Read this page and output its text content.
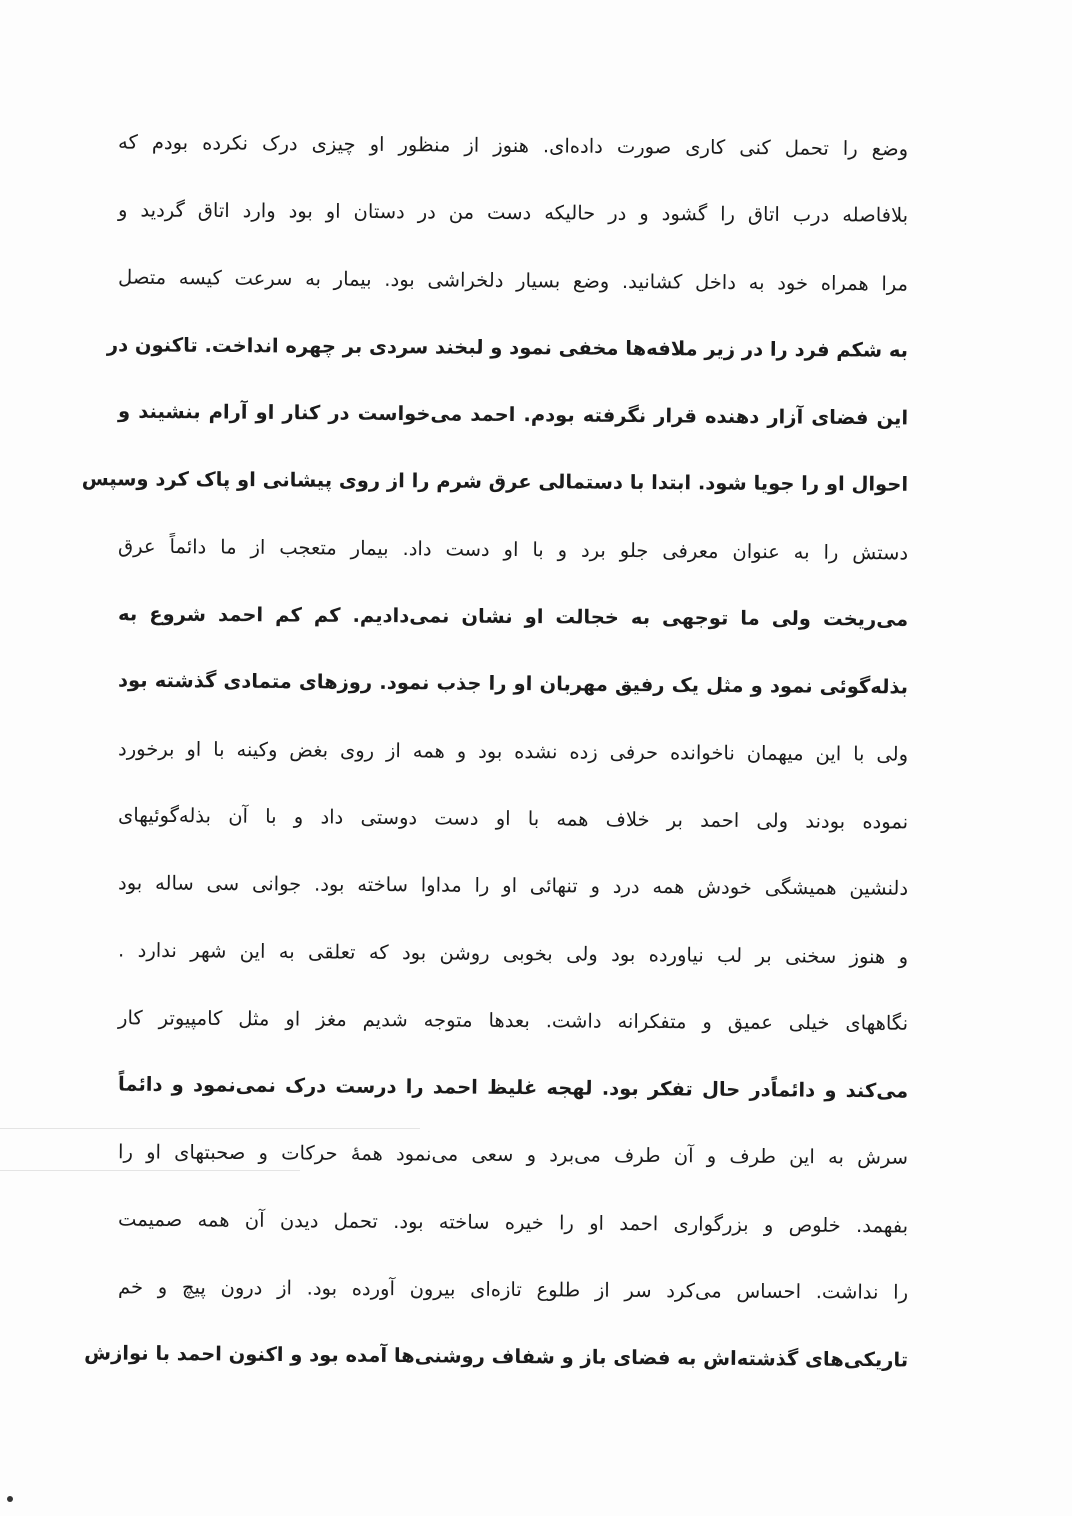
وضع را تحمل کنی کاری صورت داده‌ای. هنوز از منظور او چیزی درک نکرده بودم که
بلافاصله درب اتاق را گشود و در حالیکه دست من در دستان او بود وارد اتاق گردید و
مرا همراه خود به داخل کشانید. وضع بسیار دلخراشی بود. بیمار به سرعت کیسه متصل
به شکم فرد را در زیر ملافه‌ها مخفی نمود و لبخند سردی بر چهره انداخت. تاکنون در
این فضای آزار دهنده قرار نگرفته بودم. احمد می‌خواست در کنار او آرام بنشیند و
احوال او را جویا شود. ابتدا با دستمالی عرق شرم را از روی پیشانی او پاک کرد وسپس
دستش را به عنوان معرفی جلو برد و با او دست داد. بیمار متعجب از ما دائماً عرق
می‌ریخت ولی ما توجهی به خجالت او نشان نمی‌دادیم. کم کم احمد شروع به
بذله‌گوئی نمود و مثل یک رفیق مهربان او را جذب نمود. روزهای متمادی گذشته بود
ولی با این میهمان ناخوانده حرفی زده نشده بود و همه از روی بغض وکینه با او برخورد
نموده بودند ولی احمد بر خلاف همه با او دست دوستی داد و با آن بذله‌گوئیهای
دلنشین همیشگی خودش همه درد و تنهائی او را مداوا ساخته بود. جوانی سی ساله بود
و هنوز سخنی بر لب نیاورده بود ولی بخوبی روشن بود که تعلقی به این شهر ندارد .
نگاههای خیلی عمیق و متفکرانه داشت. بعدها متوجه شدیم مغز او مثل کامپیوتر کار
می‌کند و دائماًدر حال تفکر بود. لهجه غلیظ احمد را درست درک نمی‌نمود و دائماً
سرش به این طرف و آن طرف می‌برد و سعی می‌نمود همهٔ حرکات و صحبتهای او را
بفهمد. خلوص و بزرگواری احمد او را خیره ساخته بود. تحمل دیدن آن همه صمیمت
را نداشت. احساس می‌کرد سر از طلوع تازه‌ای بیرون آورده بود. از درون پیچ و خم
تاریکی‌های گذشته‌اش به فضای باز و شفاف روشنی‌ها آمده بود و اکنون احمد با نوازش
